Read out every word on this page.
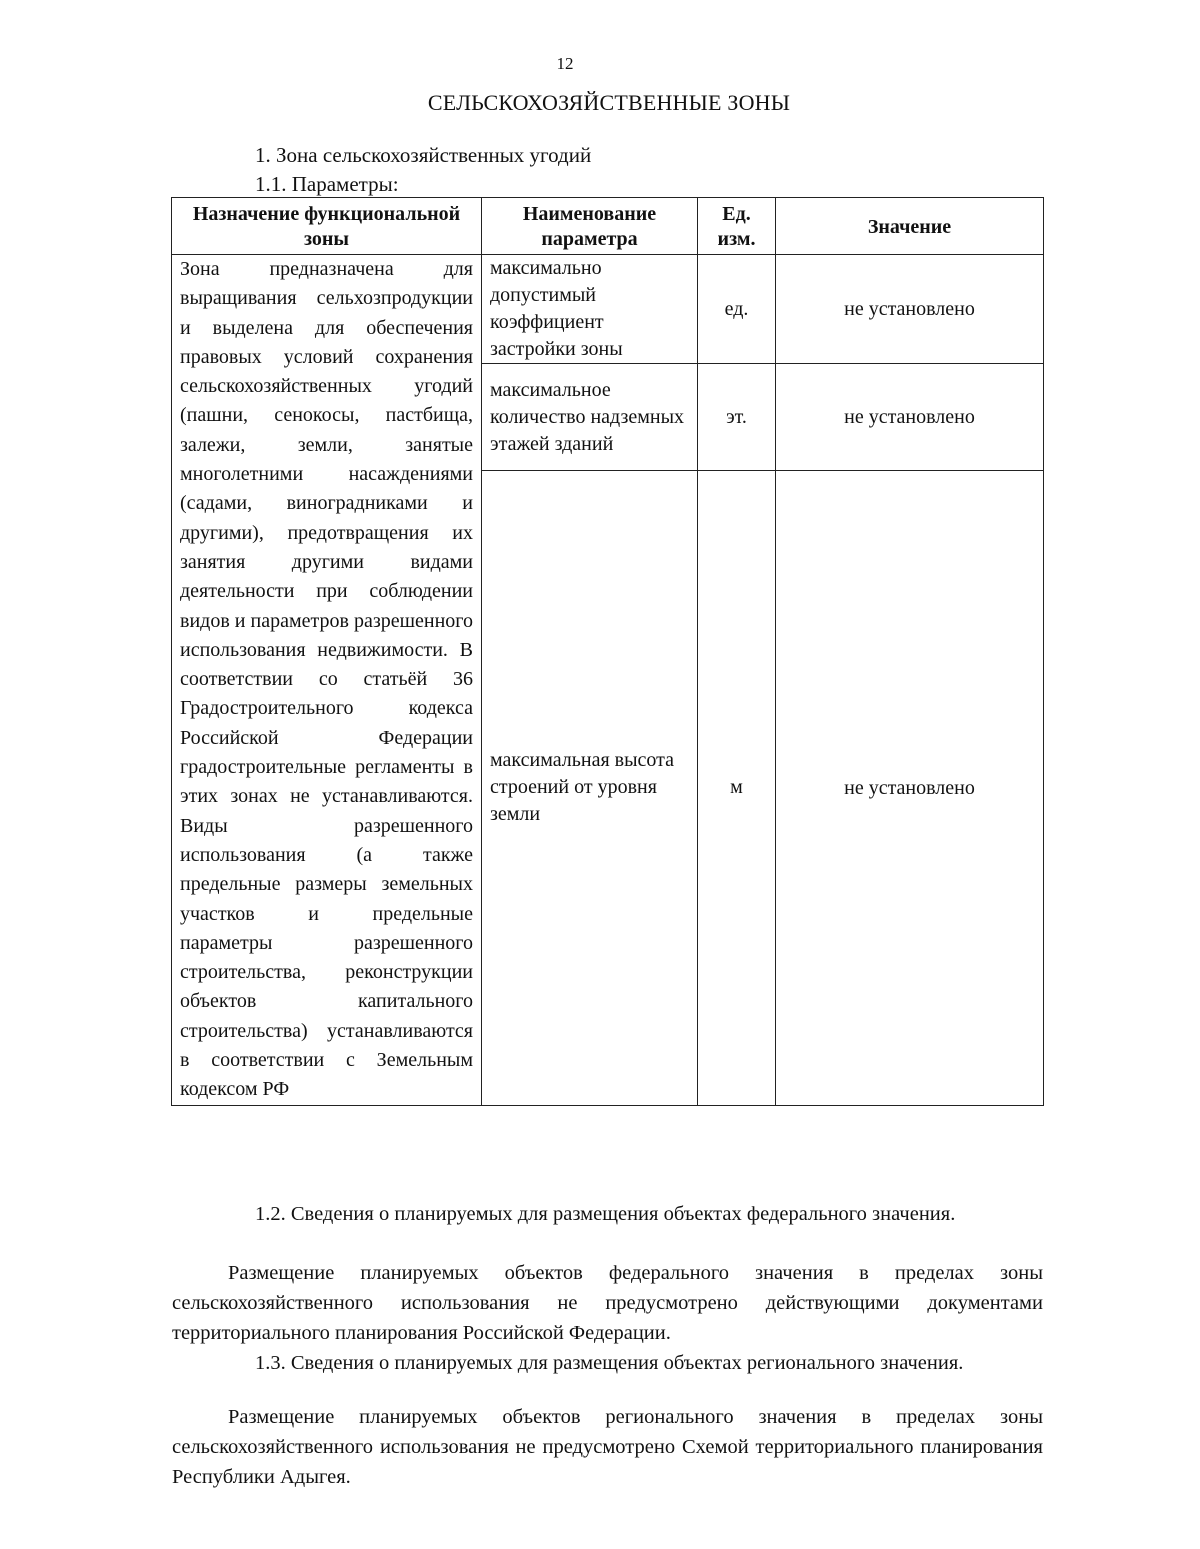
12
СЕЛЬСКОХОЗЯЙСТВЕННЫЕ ЗОНЫ
1. Зона сельскохозяйственных угодий
1.1. Параметры:
Назначение функциональной зоны	Наименование параметра	Ед. изм.	Значение
Зона предназначена для выращивания сельхозпродукции и выделена для обеспечения правовых условий сохранения сельскохозяйственных угодий (пашни, сенокосы, пастбища, залежи, земли, занятые многолетними насаждениями (садами, виноградниками и другими), предотвращения их занятия другими видами деятельности при соблюдении видов и параметров разрешенного использования недвижимости. В соответствии со статьёй 36 Градостроительного кодекса Российской Федерации градостроительные регламенты в этих зонах не устанавливаются. Виды разрешенного использования (а также предельные размеры земельных участков и предельные параметры разрешенного строительства, реконструкции объектов капитального строительства) устанавливаются в соответствии с Земельным кодексом РФ	максимально допустимый коэффициент застройки зоны	ед.	не установлено
	максимальное количество надземных этажей зданий	эт.	не установлено
	максимальная высота строений от уровня земли	м	не установлено
1.2. Сведения о планируемых для размещения объектах федерального значения.
Размещение планируемых объектов федерального значения в пределах зоны сельскохозяйственного использования не предусмотрено действующими документами территориального планирования Российской Федерации.
1.3. Сведения о планируемых для размещения объектах регионального значения.
Размещение планируемых объектов регионального значения в пределах зоны сельскохозяйственного использования не предусмотрено Схемой территориального планирования Республики Адыгея.
